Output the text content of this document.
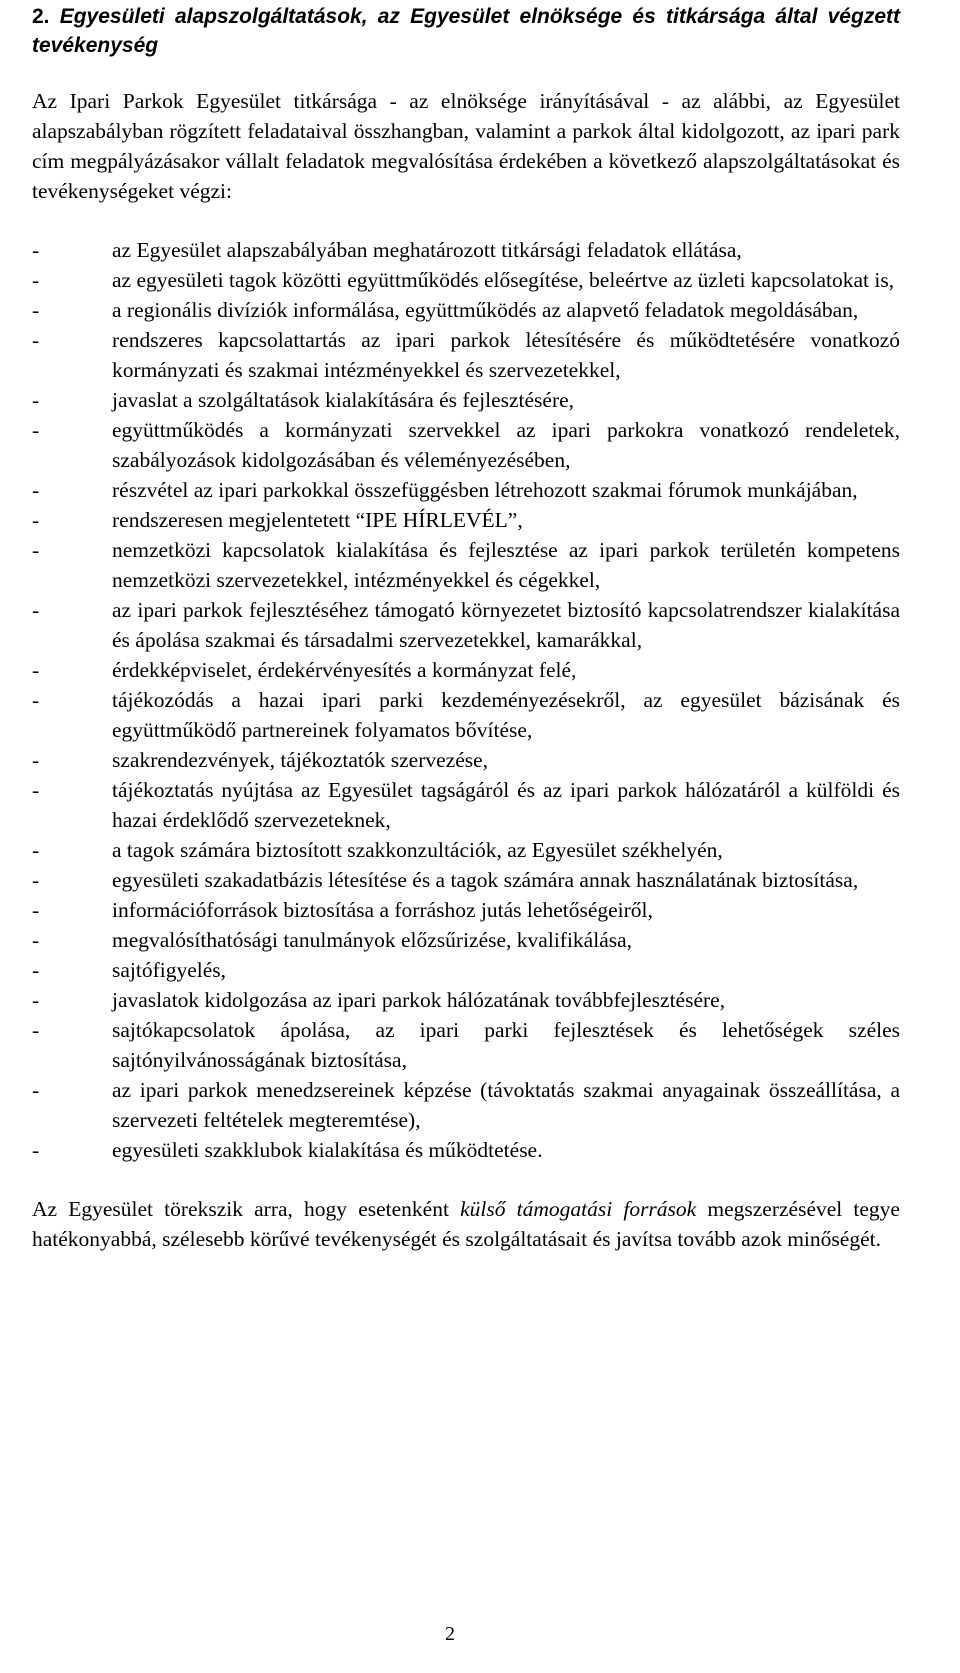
2. Egyesületi alapszolgáltatások, az Egyesület elnöksége és titkársága által végzett

tevékenység

Az Ipari Parkok Egyesület titkársága - az elnöksége irányításával - az alábbi, az Egyesület alapszabályban rögzített feladataival összhangban, valamint a parkok által kidolgozott, az ipari park cím megpályázásakor vállalt feladatok megvalósítása érdekében a következő alapszolgáltatásokat és tevékenységeket végzi:

-	az Egyesület alapszabályában meghatározott titkársági feladatok ellátása,
-	az egyesületi tagok közötti együttműködés elősegítése, beleértve az üzleti kapcsolatokat is,
-	a regionális divíziók informálása, együttműködés az alapvető feladatok megoldásában,
-	rendszeres kapcsolattartás az ipari parkok létesítésére és működtetésére vonatkozó kormányzati és szakmai intézményekkel és szervezetekkel,
-	javaslat a szolgáltatások kialakítására és fejlesztésére,
-	együttműködés a kormányzati szervekkel az ipari parkokra vonatkozó rendeletek, szabályozások kidolgozásában és véleményezésében,
-	részvétel az ipari parkokkal összefüggésben létrehozott szakmai fórumok munkájában,
-	rendszeresen megjelentetett “IPE HÍRLEVÉL”,
-	nemzetközi kapcsolatok kialakítása és fejlesztése az ipari parkok területén kompetens nemzetközi szervezetekkel, intézményekkel és cégekkel,
-	az ipari parkok fejlesztéséhez támogató környezetet biztosító kapcsolatrendszer kialakítása és ápolása szakmai és társadalmi szervezetekkel, kamarákkal,
-	érdekképviselet, érdekérvényesítés a kormányzat felé,
-	tájékozódás a hazai ipari parki kezdeményezésekről, az egyesület bázisának és együttműködő partnereinek folyamatos bővítése,
-	szakrendezvények, tájékoztatók szervezése,
-	tájékoztatás nyújtása az Egyesület tagságáról és az ipari parkok hálózatáról a külföldi és hazai érdeklődő szervezeteknek,
-	a tagok számára biztosított szakkonzultációk, az Egyesület székhelyén,
-	egyesületi szakadatbázis létesítése és a tagok számára annak használatának biztosítása,
-	információforrások biztosítása a forráshoz jutás lehetőségeiről,
-	megvalósíthatósági tanulmányok előzsűrizése, kvalifikálása,
-	sajtófigyelés,
-	javaslatok kidolgozása az ipari parkok hálózatának továbbfejlesztésére,
-	sajtókapcsolatok ápolása, az ipari parki fejlesztések és lehetőségek széles sajtónyilvánosságának biztosítása,
-	az ipari parkok menedzsereinek képzése (távoktatás szakmai anyagainak összeállítása, a szervezeti feltételek megteremtése),
-	egyesületi szakklubok kialakítása és működtetése.

Az Egyesület törekszik arra, hogy esetenként külső támogatási források megszerzésével tegye hatékonyabbá, szélesebb körűvé tevékenységét és szolgáltatásait és javítsa tovább azok minőségét.

2
